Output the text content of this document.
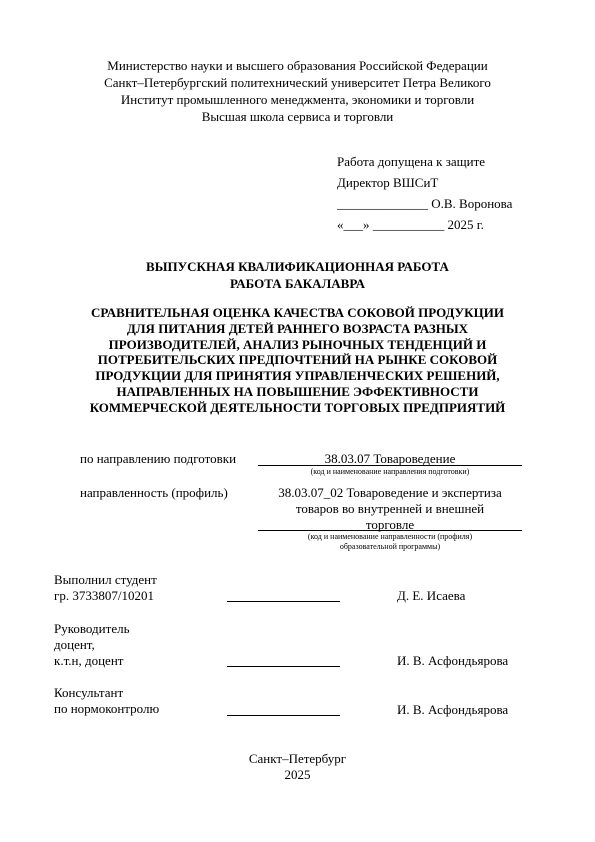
Министерство науки и высшего образования Российской Федерации
Санкт–Петербургский политехнический университет Петра Великого
Институт промышленного менеджмента, экономики и торговли
Высшая школа сервиса и торговли
Работа допущена к защите
Директор ВШСиТ
______________ О.В. Воронова
«___» ___________ 2025 г.
ВЫПУСКНАЯ КВАЛИФИКАЦИОННАЯ РАБОТА
РАБОТА БАКАЛАВРА
СРАВНИТЕЛЬНАЯ ОЦЕНКА КАЧЕСТВА СОКОВОЙ ПРОДУКЦИИ
ДЛЯ ПИТАНИЯ ДЕТЕЙ РАННЕГО ВОЗРАСТА РАЗНЫХ
ПРОИЗВОДИТЕЛЕЙ, АНАЛИЗ РЫНОЧНЫХ ТЕНДЕНЦИЙ И
ПОТРЕБИТЕЛЬСКИХ ПРЕДПОЧТЕНИЙ НА РЫНКЕ СОКОВОЙ
ПРОДУКЦИИ ДЛЯ ПРИНЯТИЯ УПРАВЛЕНЧЕСКИХ РЕШЕНИЙ,
НАПРАВЛЕННЫХ НА ПОВЫШЕНИЕ ЭФФЕКТИВНОСТИ
КОММЕРЧЕСКОЙ ДЕЯТЕЛЬНОСТИ ТОРГОВЫХ ПРЕДПРИЯТИЙ
по направлению подготовки	38.03.07 Товароведение
(код и наименование направления подготовки)
направленность (профиль)	38.03.07_02 Товароведение и экспертиза
товаров во внутренней и внешней
торговле
(код и наименование направленности (профиля)
образовательной программы)
Выполнил студент
гр. 3733807/10201	Д. Е. Исаева
Руководитель
доцент,
к.т.н, доцент	И. В. Асфондьярова
Консультант
по нормоконтролю	И. В. Асфондьярова
Санкт–Петербург
2025
